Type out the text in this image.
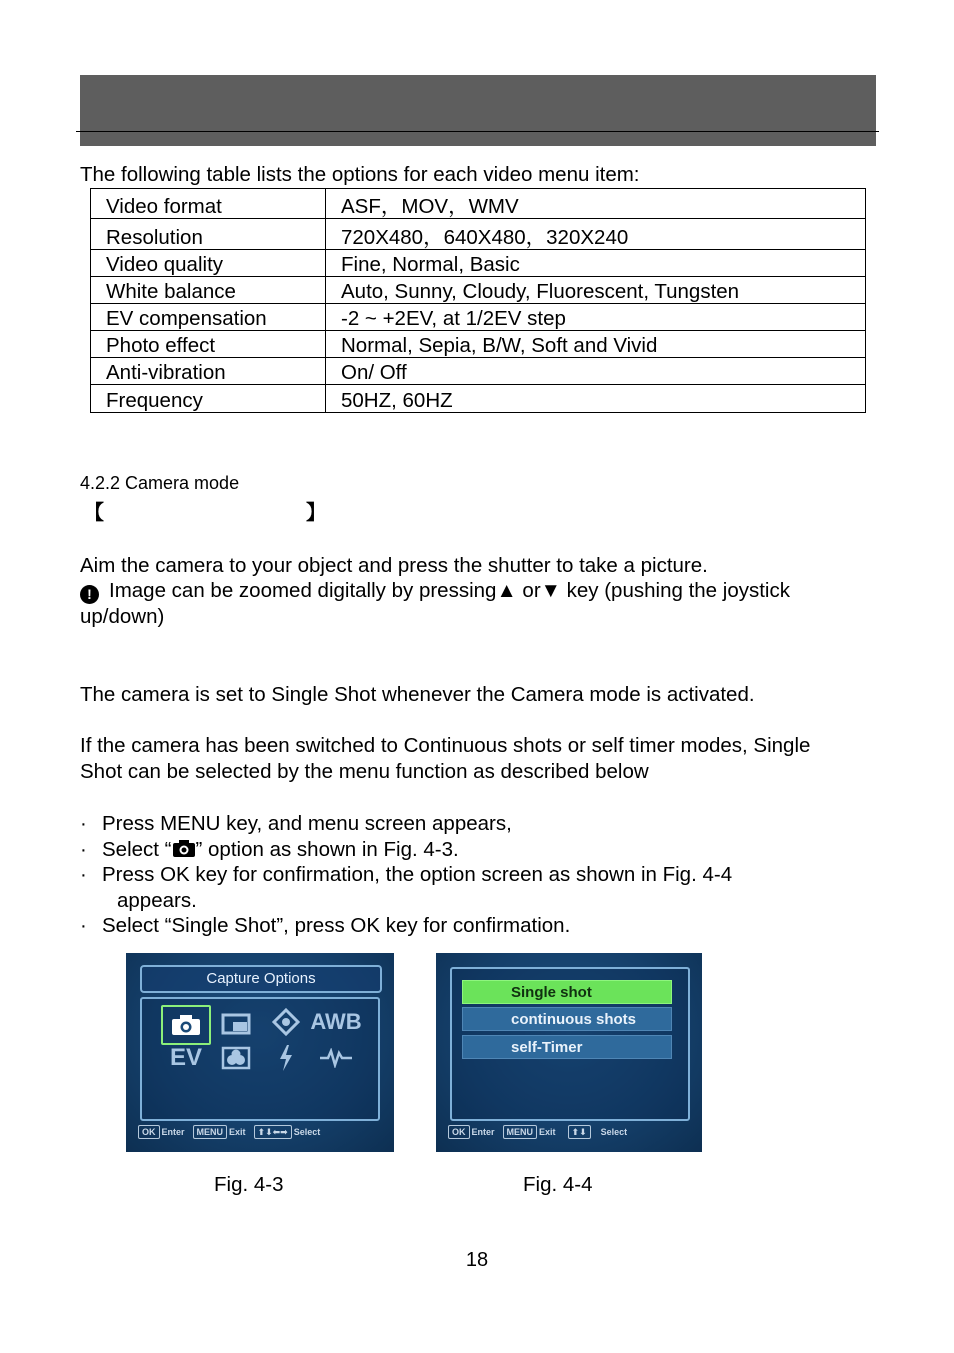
The following table lists the options for each video menu item:
Video format	ASF，MOV，WMV
Resolution	720X480，640X480，320X240
Video quality	Fine, Normal, Basic
White balance	Auto, Sunny, Cloudy, Fluorescent, Tungsten
EV compensation	-2 ~ +2EV, at 1/2EV step
Photo effect	Normal, Sepia, B/W, Soft and Vivid
Anti-vibration	On/ Off
Frequency	50HZ, 60HZ
4.2.2 Camera mode
【	】
Aim the camera to your object and press the shutter to take a picture.
! Image can be zoomed digitally by pressing▲ or▼ key (pushing the joystick
up/down)
The camera is set to Single Shot whenever the Camera mode is activated.
If the camera has been switched to Continuous shots or self timer modes, Single
Shot can be selected by the menu function as described below
· Press MENU key, and menu screen appears,
· Select “ ” option as shown in Fig. 4-3.
· Press OK key for confirmation, the option screen as shown in Fig. 4-4
appears.
· Select “Single Shot”, press OK key for confirmation.
Capture Options
AWB
EV
OK Enter MENU Exit ⬆⬇⬅➡ Select
Single shot
continuous shots
self-Timer
OK Enter MENU Exit ⬆⬇ Select
Fig. 4-3	Fig. 4-4
18
